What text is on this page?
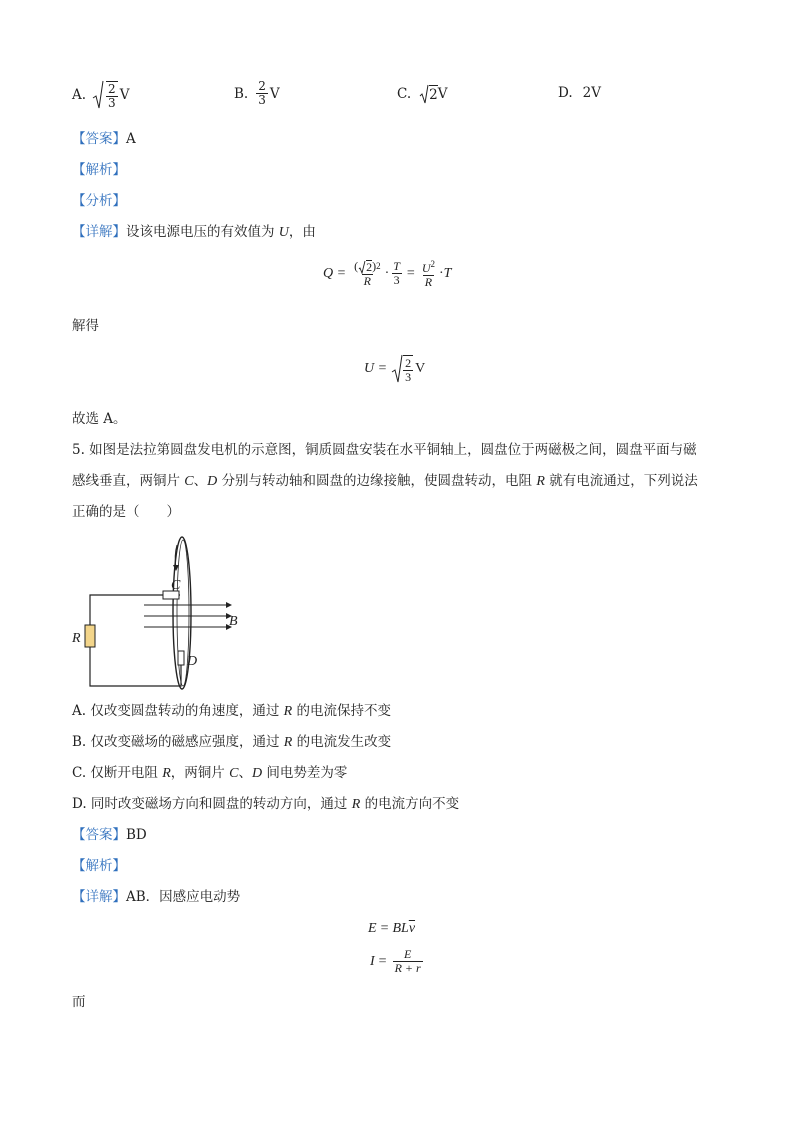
A. $\frac{2}{3}$ V	B. $\frac{2}{3}$ V	C. 2 V	D. 2V
【答案】A
【解析】
【分析】
【详解】设该电源电压的有效值为 U，由
$Q = \frac{( 2 ) 2}{R} \cdot \frac{T}{3} = \frac{U^2}{R} \cdot T$
解得
$U = \frac{2}{3}$ V
故选 A。
5. 如图是法拉第圆盘发电机的示意图，铜质圆盘安装在水平铜轴上，圆盘位于两磁极之间，圆盘平面与磁
感线垂直，两铜片 C、D 分别与转动轴和圆盘的边缘接触，使圆盘转动，电阻 R 就有电流通过，下列说法
正确的是（　　）
R
C
D
B
A. 仅改变圆盘转动的角速度，通过 R 的电流保持不变
B. 仅改变磁场的磁感应强度，通过 R 的电流发生改变
C. 仅断开电阻 R，两铜片 C、D 间电势差为零
D. 同时改变磁场方向和圆盘的转动方向，通过 R 的电流方向不变
【答案】BD
【解析】
【详解】AB．因感应电动势
E = BL $\overline{v}$
$I = \frac{E}{R + r}$
而
